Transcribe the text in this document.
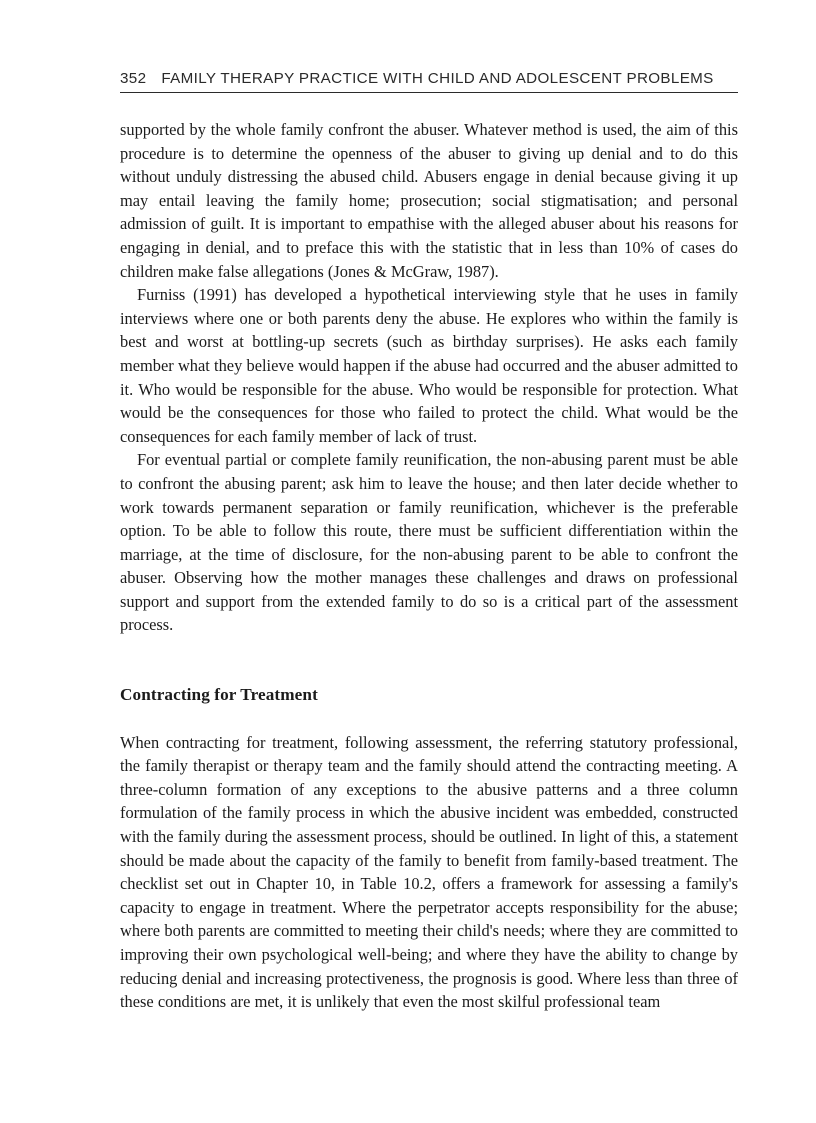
352 FAMILY THERAPY PRACTICE WITH CHILD AND ADOLESCENT PROBLEMS

supported by the whole family confront the abuser. Whatever method is used, the aim of this procedure is to determine the openness of the abuser to giving up denial and to do this without unduly distressing the abused child. Abusers engage in denial because giving it up may entail leaving the family home; prosecution; social stigmatisation; and personal admission of guilt. It is important to empathise with the alleged abuser about his reasons for engaging in denial, and to preface this with the statistic that in less than 10% of cases do children make false allegations (Jones & McGraw, 1987).

Furniss (1991) has developed a hypothetical interviewing style that he uses in family interviews where one or both parents deny the abuse. He explores who within the family is best and worst at bottling-up secrets (such as birthday surprises). He asks each family member what they believe would happen if the abuse had occurred and the abuser admitted to it. Who would be responsible for the abuse. Who would be responsible for protection. What would be the consequences for those who failed to protect the child. What would be the consequences for each family member of lack of trust.

For eventual partial or complete family reunification, the non-abusing parent must be able to confront the abusing parent; ask him to leave the house; and then later decide whether to work towards permanent separation or family reunification, whichever is the preferable option. To be able to follow this route, there must be sufficient differentiation within the marriage, at the time of disclosure, for the non-abusing parent to be able to confront the abuser. Observing how the mother manages these challenges and draws on professional support and support from the extended family to do so is a critical part of the assessment process.

Contracting for Treatment

When contracting for treatment, following assessment, the referring statutory professional, the family therapist or therapy team and the family should attend the contracting meeting. A three-column formation of any exceptions to the abusive patterns and a three column formulation of the family process in which the abusive incident was embedded, constructed with the family during the assessment process, should be outlined. In light of this, a statement should be made about the capacity of the family to benefit from family-based treatment. The checklist set out in Chapter 10, in Table 10.2, offers a framework for assessing a family's capacity to engage in treatment. Where the perpetrator accepts responsibility for the abuse; where both parents are committed to meeting their child's needs; where they are committed to improving their own psychological well-being; and where they have the ability to change by reducing denial and increasing protectiveness, the prognosis is good. Where less than three of these conditions are met, it is unlikely that even the most skilful professional team
